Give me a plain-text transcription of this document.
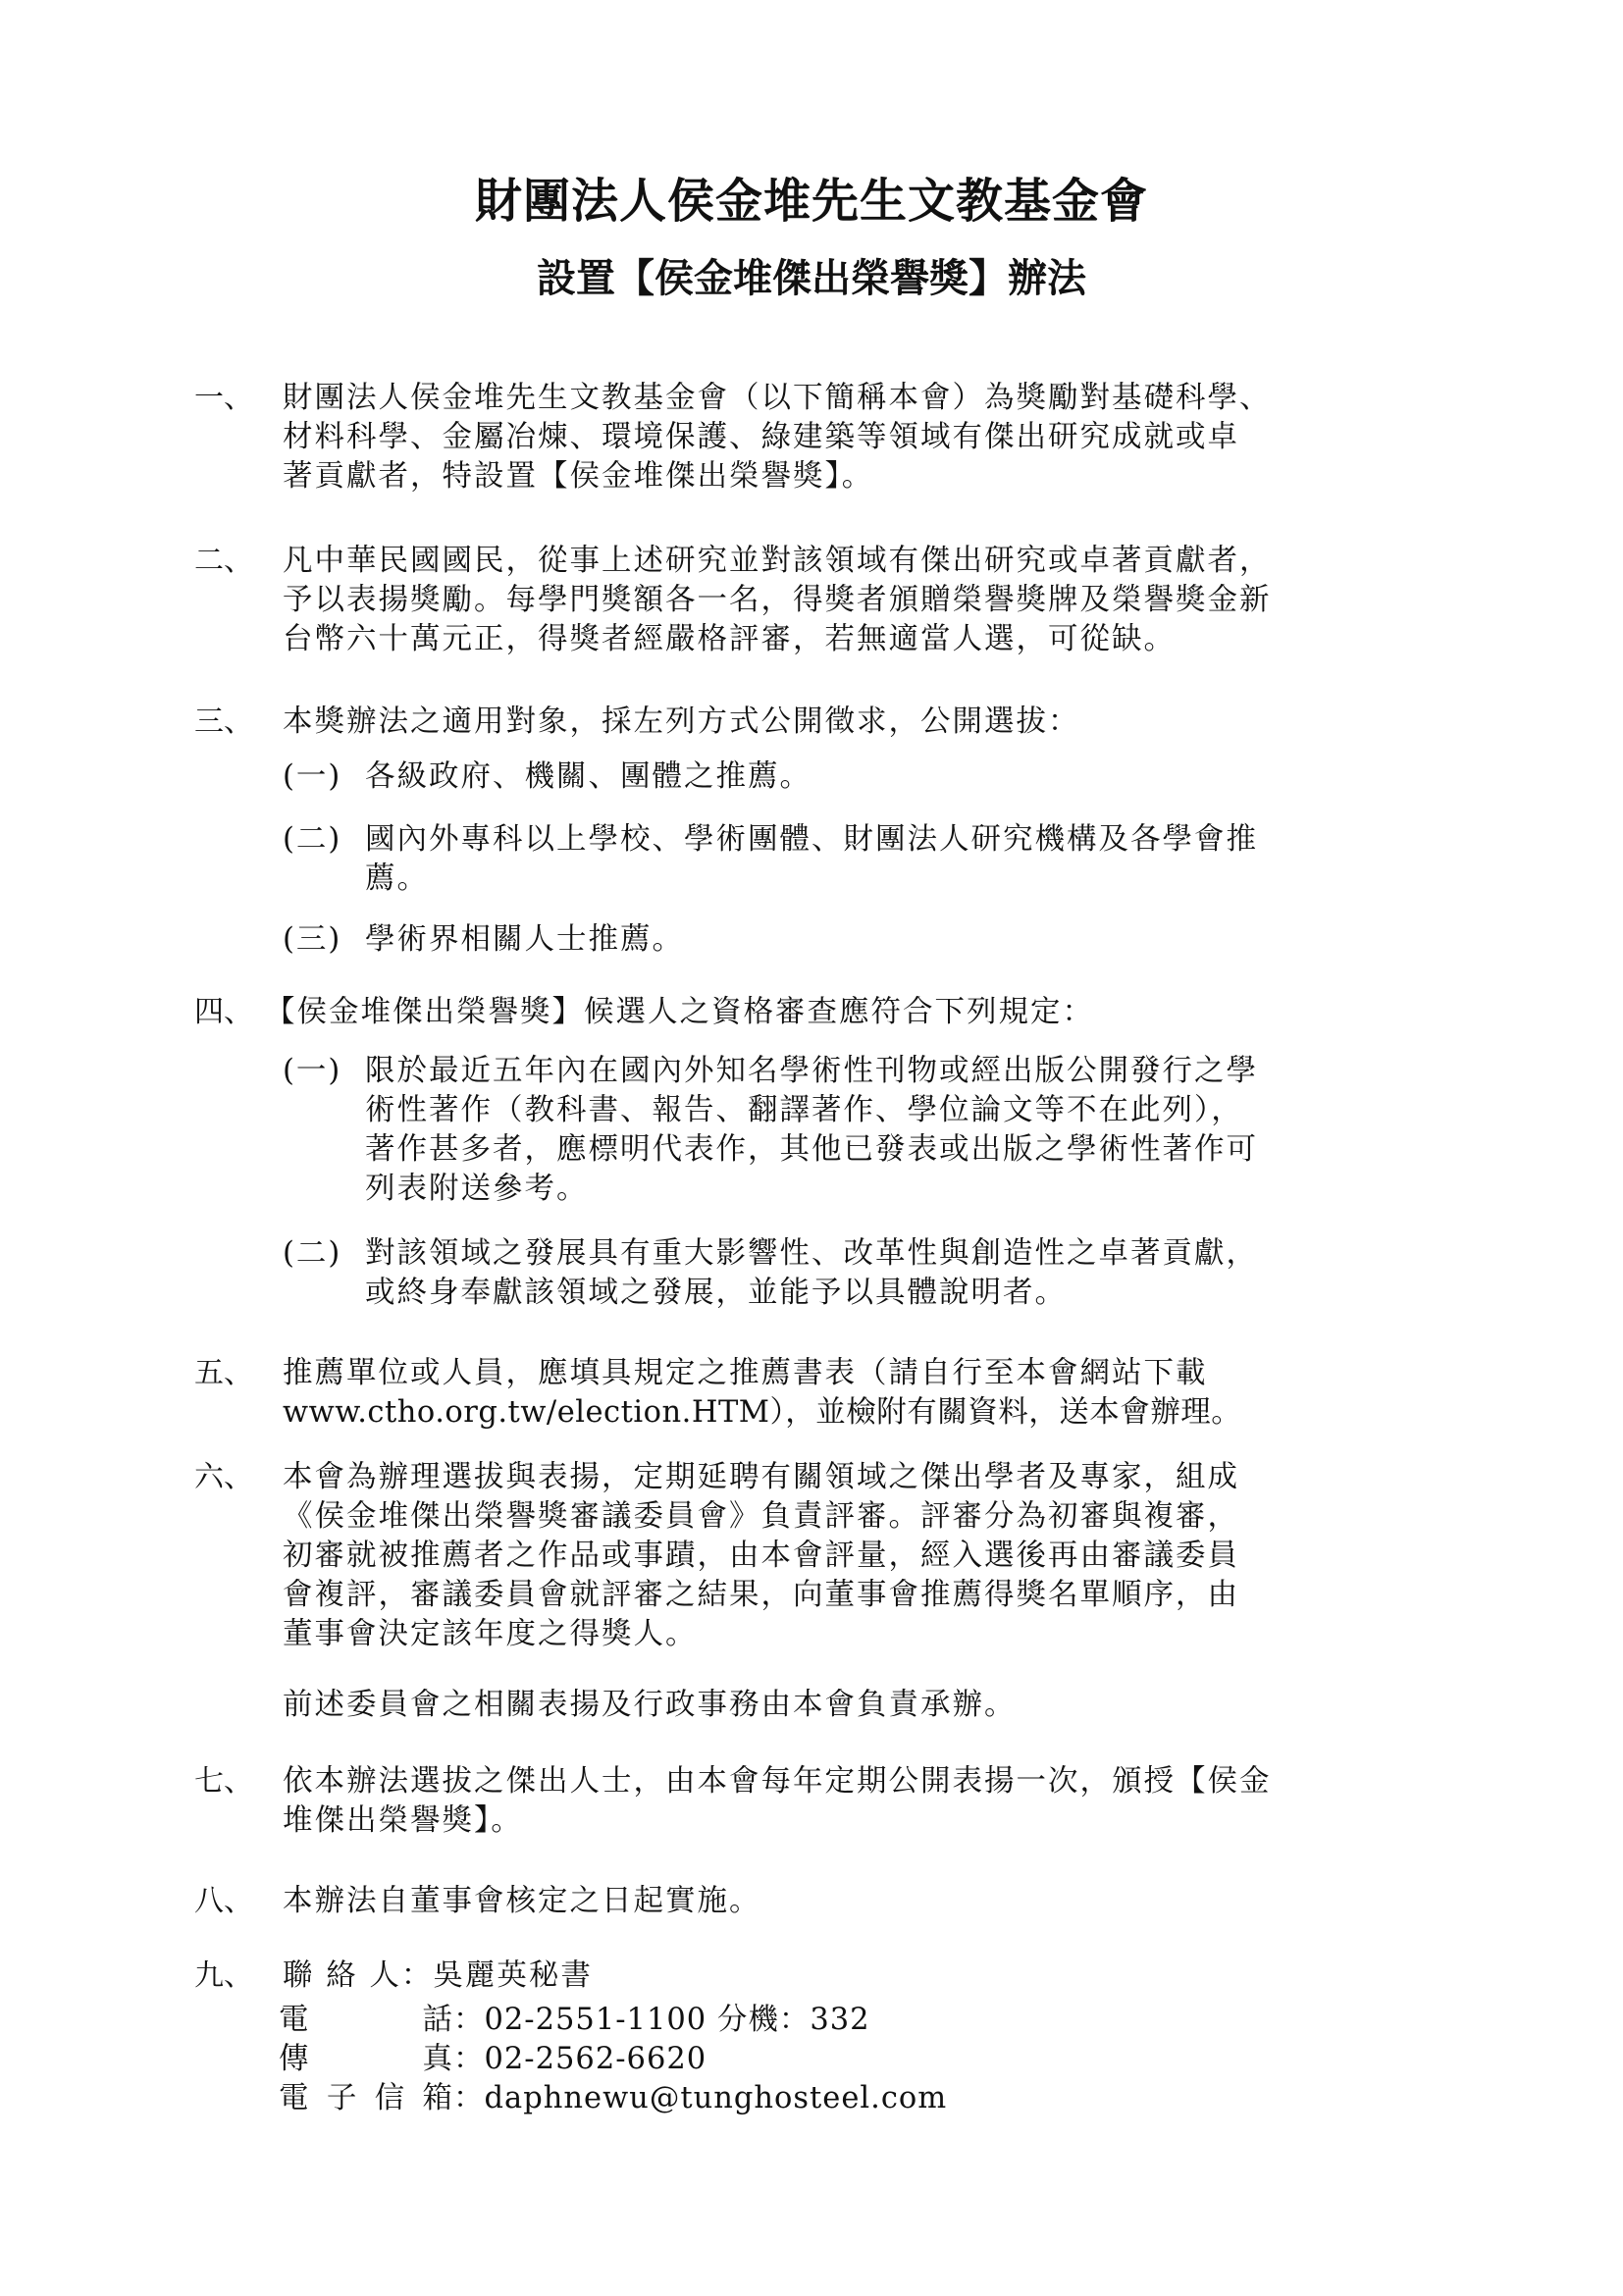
財團法人侯金堆先生文教基金會
設置【侯金堆傑出榮譽獎】辦法
一、 財團法人侯金堆先生文教基金會（以下簡稱本會）為獎勵對基礎科學、
材料科學、金屬冶煉、環境保護、綠建築等領域有傑出研究成就或卓
著貢獻者，特設置【侯金堆傑出榮譽獎】。
二、 凡中華民國國民，從事上述研究並對該領域有傑出研究或卓著貢獻者，
予以表揚獎勵。每學門獎額各一名，得獎者頒贈榮譽獎牌及榮譽獎金新
台幣六十萬元正，得獎者經嚴格評審，若無適當人選，可從缺。
三、 本獎辦法之適用對象，採左列方式公開徵求，公開選拔：
(一) 各級政府、機關、團體之推薦。
(二) 國內外專科以上學校、學術團體、財團法人研究機構及各學會推
薦。
(三) 學術界相關人士推薦。
四、 【侯金堆傑出榮譽獎】候選人之資格審查應符合下列規定：
(一) 限於最近五年內在國內外知名學術性刊物或經出版公開發行之學
術性著作（教科書、報告、翻譯著作、學位論文等不在此列），
著作甚多者，應標明代表作，其他已發表或出版之學術性著作可
列表附送參考。
(二) 對該領域之發展具有重大影響性、改革性與創造性之卓著貢獻，
或終身奉獻該領域之發展，並能予以具體說明者。
五、 推薦單位或人員，應填具規定之推薦書表（請自行至本會網站下載
www.ctho.org.tw/election.HTM），並檢附有關資料，送本會辦理。
六、 本會為辦理選拔與表揚，定期延聘有關領域之傑出學者及專家，組成
《侯金堆傑出榮譽獎審議委員會》負責評審。評審分為初審與複審，
初審就被推薦者之作品或事蹟，由本會評量，經入選後再由審議委員
會複評，審議委員會就評審之結果，向董事會推薦得獎名單順序，由
董事會決定該年度之得獎人。
前述委員會之相關表揚及行政事務由本會負責承辦。
七、 依本辦法選拔之傑出人士，由本會每年定期公開表揚一次，頒授【侯金
堆傑出榮譽獎】。
八、 本辦法自董事會核定之日起實施。
九、 聯 絡 人：吳麗英秘書
電　　話：02-2551-1100 分機：332
傳　　真：02-2562-6620
電子信箱：daphnewu@tunghosteel.com
